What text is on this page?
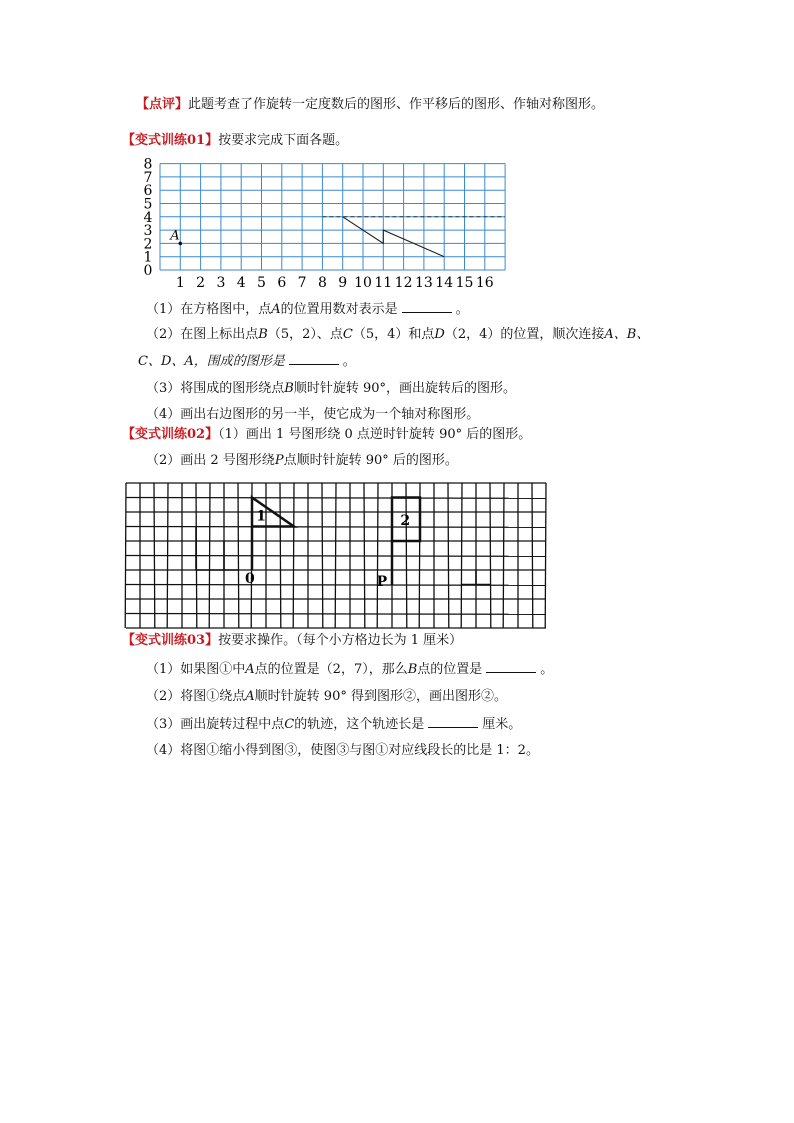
【点评】此题考查了作旋转一定度数后的图形、作平移后的图形、作轴对称图形。
【变式训练01】按要求完成下面各题。
0
1
2
3
4
5
6
7
8
1 2 3 4 5 6 7 8 9 10 11 12 13 14 15 16
A
（1）在方格图中，点A的位置用数对表示是	。
（2）在图上标出点B（5，2）、点C（5，4）和点D（2，4）的位置，顺次连接A、B、
C、D、A，围成的图形是	。
（3）将围成的图形绕点B顺时针旋转 90°，画出旋转后的图形。
（4）画出右边图形的另一半，使它成为一个轴对称图形。
【变式训练02】（1）画出 1 号图形绕 0 点逆时针旋转 90° 后的图形。
（2）画出 2 号图形绕P点顺时针旋转 90° 后的图形。
1
0
2
P
【变式训练03】按要求操作。（每个小方格边长为 1 厘米）
（1）如果图①中A点的位置是（2，7），那么B点的位置是	。
（2）将图①绕点A顺时针旋转 90° 得到图形②，画出图形②。
（3）画出旋转过程中点C的轨迹，这个轨迹长是	厘米。
（4）将图①缩小得到图③，使图③与图①对应线段长的比是 1：2。
